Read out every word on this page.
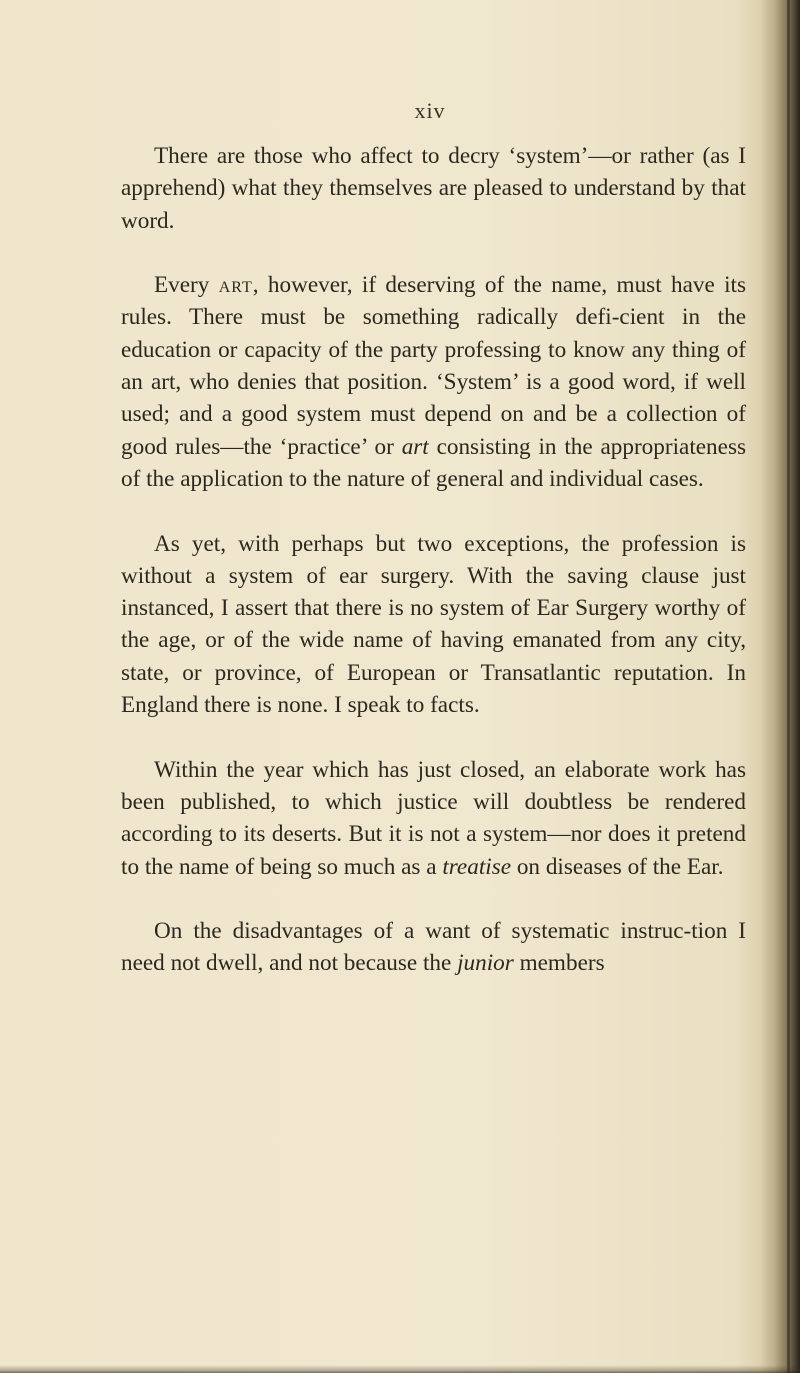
xiv

There are those who affect to decry ‘system’—or rather (as I apprehend) what they themselves are pleased to understand by that word.

Every art, however, if deserving of the name, must have its rules. There must be something radically defi-cient in the education or capacity of the party professing to know any thing of an art, who denies that position. ‘System’ is a good word, if well used; and a good system must depend on and be a collection of good rules—the ‘practice’ or art consisting in the appropriateness of the application to the nature of general and individual cases.

As yet, with perhaps but two exceptions, the profession is without a system of ear surgery. With the saving clause just instanced, I assert that there is no system of Ear Surgery worthy of the age, or of the wide name of having emanated from any city, state, or province, of European or Transatlantic reputation. In England there is none. I speak to facts.

Within the year which has just closed, an elaborate work has been published, to which justice will doubtless be rendered according to its deserts. But it is not a system—nor does it pretend to the name of being so much as a treatise on diseases of the Ear.

On the disadvantages of a want of systematic instruc-tion I need not dwell, and not because the junior members
